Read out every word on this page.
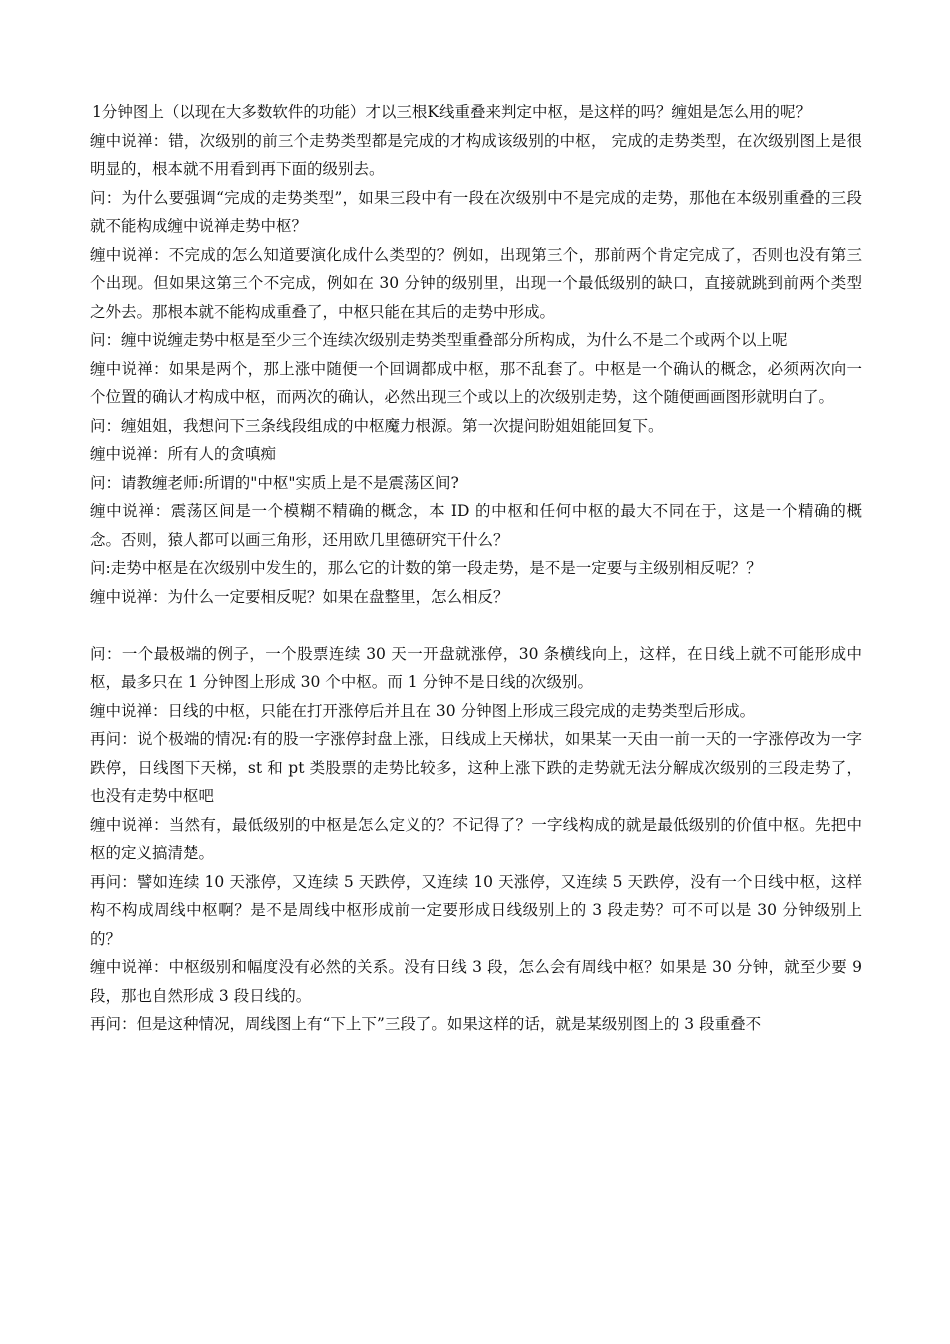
1分钟图上（以现在大多数软件的功能）才以三根K线重叠来判定中枢，是这样的吗？缠姐是怎么用的呢？

缠中说禅：错，次级别的前三个走势类型都是完成的才构成该级别的中枢， 完成的走势类型，在次级别图上是很明显的，根本就不用看到再下面的级别去。

问：为什么要强调“完成的走势类型”，如果三段中有一段在次级别中不是完成的走势，那他在本级别重叠的三段就不能构成缠中说禅走势中枢？

缠中说禅：不完成的怎么知道要演化成什么类型的？例如，出现第三个，那前两个肯定完成了，否则也没有第三个出现。但如果这第三个不完成，例如在 30 分钟的级别里，出现一个最低级别的缺口，直接就跳到前两个类型之外去。那根本就不能构成重叠了，中枢只能在其后的走势中形成。

问：缠中说缠走势中枢是至少三个连续次级别走势类型重叠部分所构成，为什么不是二个或两个以上呢

缠中说禅：如果是两个，那上涨中随便一个回调都成中枢，那不乱套了。中枢是一个确认的概念，必须两次向一个位置的确认才构成中枢，而两次的确认，必然出现三个或以上的次级别走势，这个随便画画图形就明白了。

问：缠姐姐，我想问下三条线段组成的中枢魔力根源。第一次提问盼姐姐能回复下。

缠中说禅：所有人的贪嗔痴

问：请教缠老师:所谓的"中枢"实质上是不是震荡区间?

缠中说禅：震荡区间是一个模糊不精确的概念，本 ID 的中枢和任何中枢的最大不同在于，这是一个精确的概念。否则，猿人都可以画三角形，还用欧几里德研究干什么？

问:走势中枢是在次级别中发生的，那么它的计数的第一段走势，是不是一定要与主级别相反呢？？

缠中说禅：为什么一定要相反呢？如果在盘整里，怎么相反？

问：一个最极端的例子，一个股票连续 30 天一开盘就涨停，30 条横线向上，这样，在日线上就不可能形成中枢，最多只在 1 分钟图上形成 30 个中枢。而 1 分钟不是日线的次级别。

缠中说禅：日线的中枢，只能在打开涨停后并且在 30 分钟图上形成三段完成的走势类型后形成。

再问：说个极端的情况:有的股一字涨停封盘上涨，日线成上天梯状，如果某一天由一前一天的一字涨停改为一字跌停，日线图下天梯，st 和 pt 类股票的走势比较多，这种上涨下跌的走势就无法分解成次级别的三段走势了，也没有走势中枢吧

缠中说禅：当然有，最低级别的中枢是怎么定义的？不记得了？一字线构成的就是最低级别的价值中枢。先把中枢的定义搞清楚。

再问：譬如连续 10 天涨停，又连续 5 天跌停，又连续 10 天涨停，又连续 5 天跌停，没有一个日线中枢，这样构不构成周线中枢啊？是不是周线中枢形成前一定要形成日线级别上的 3 段走势？可不可以是 30 分钟级别上的？

缠中说禅：中枢级别和幅度没有必然的关系。没有日线 3 段，怎么会有周线中枢？如果是 30 分钟，就至少要 9 段，那也自然形成 3 段日线的。

再问：但是这种情况，周线图上有“下上下”三段了。如果这样的话，就是某级别图上的 3 段重叠不
